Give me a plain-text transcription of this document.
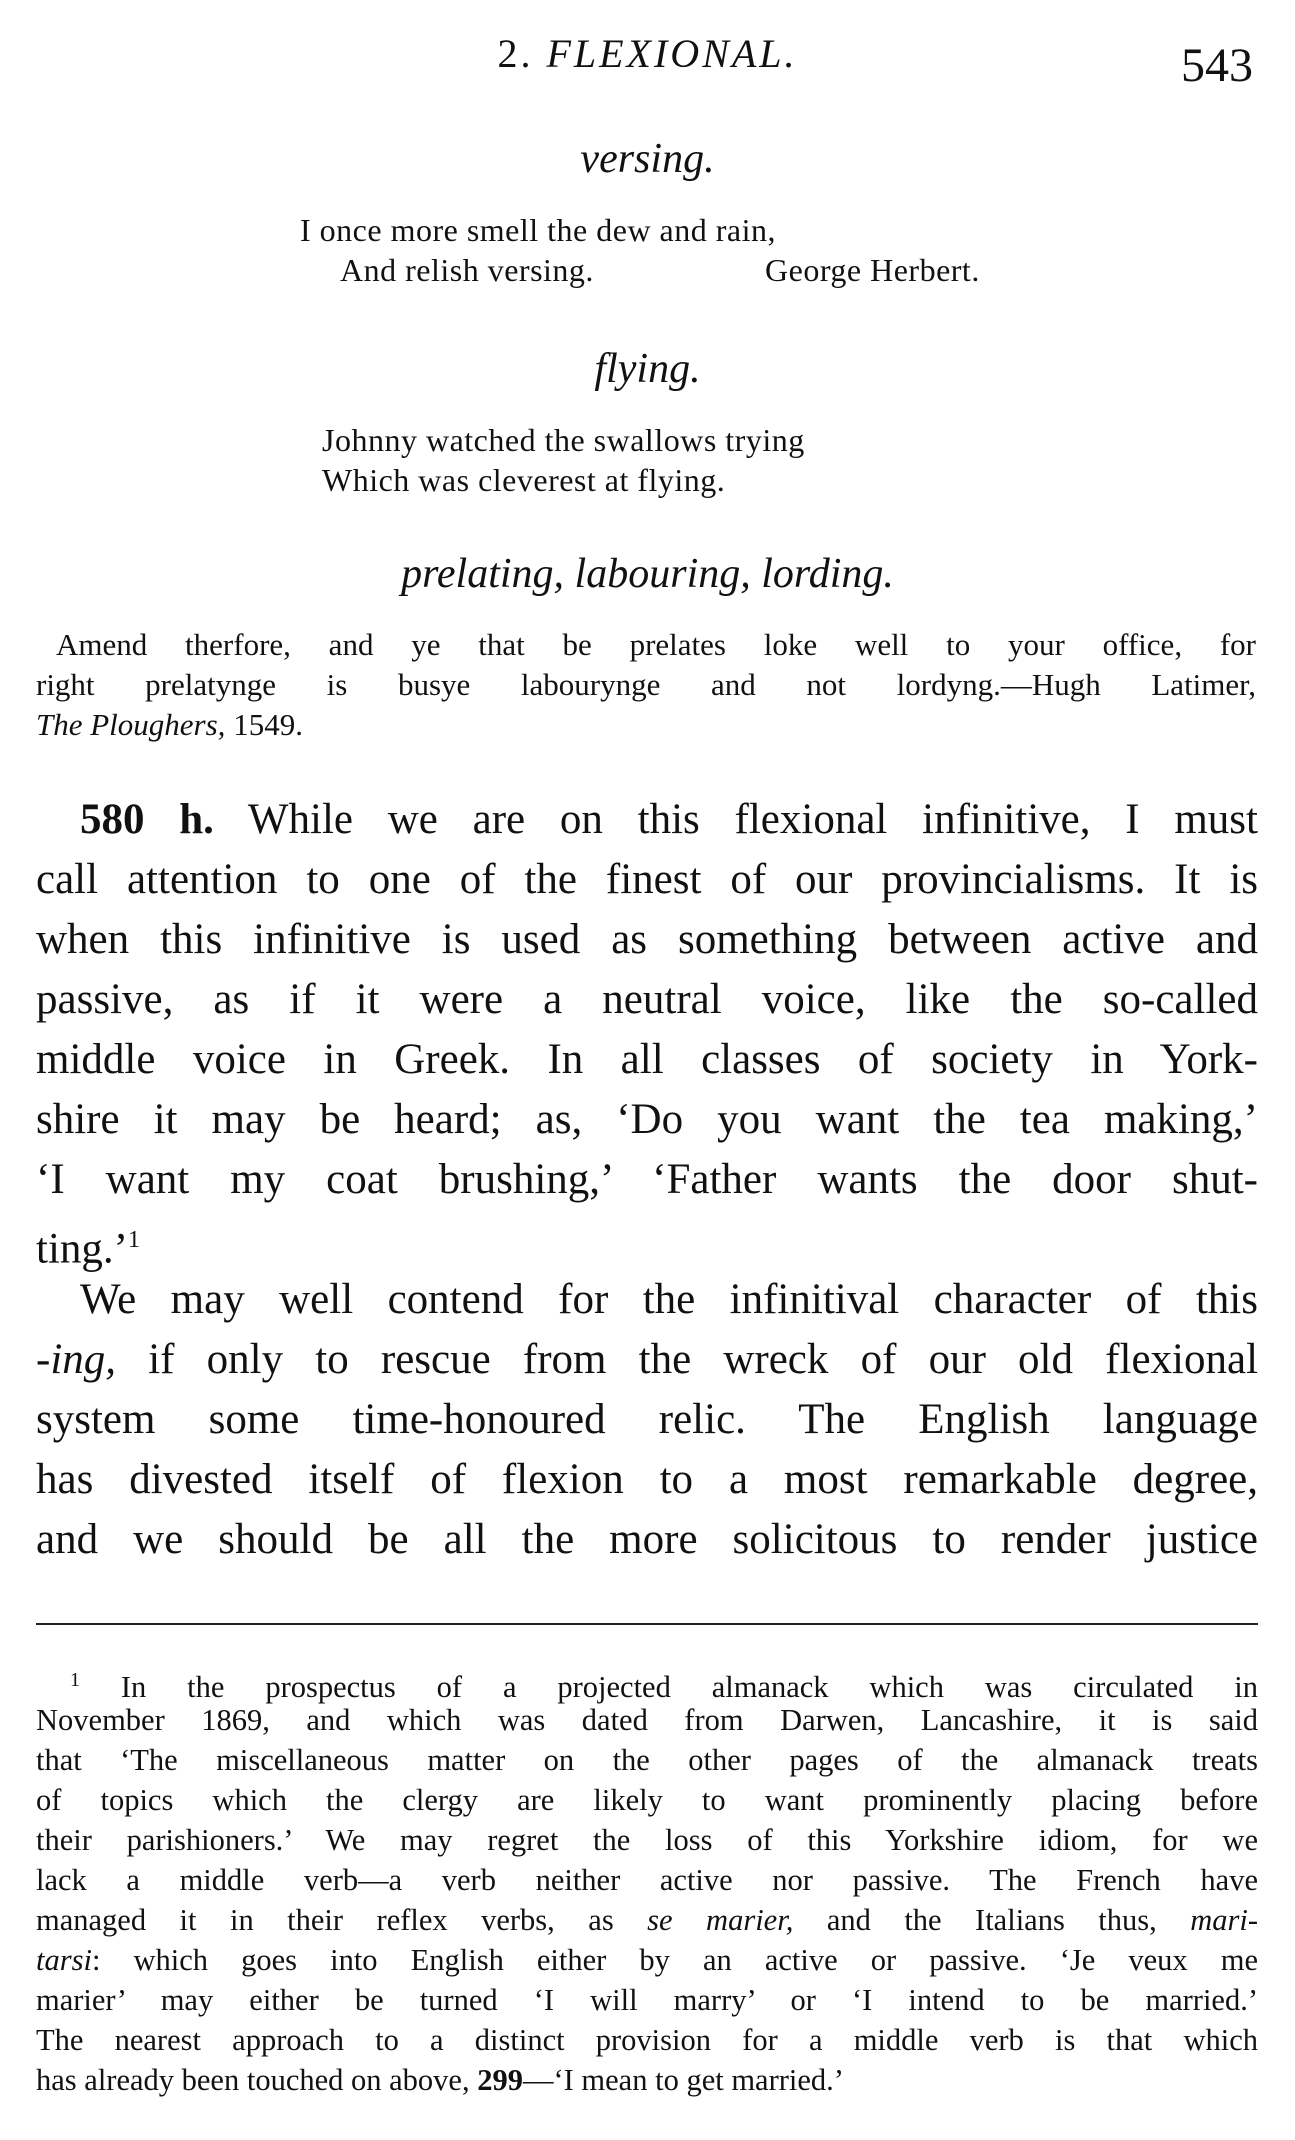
2. FLEXIONAL.	543
versing.
I once more smell the dew and rain,
And relish versing.	George Herbert.
flying.
Johnny watched the swallows trying
Which was cleverest at flying.
prelating, labouring, lording.
Amend therfore, and ye that be prelates loke well to your office, for
right prelatynge is busye labourynge and not lordyng.—Hugh Latimer,
The Ploughers, 1549.
580 h. While we are on this flexional infinitive, I must
call attention to one of the finest of our provincialisms. It is
when this infinitive is used as something between active and
passive, as if it were a neutral voice, like the so-called
middle voice in Greek. In all classes of society in York-
shire it may be heard; as, ‘Do you want the tea making,’
‘I want my coat brushing,’ ‘Father wants the door shut-
ting.’$^1$
We may well contend for the infinitival character of this
-ing, if only to rescue from the wreck of our old flexional
system some time-honoured relic. The English language
has divested itself of flexion to a most remarkable degree,
and we should be all the more solicitous to render justice
$^1$ In the prospectus of a projected almanack which was circulated in
November 1869, and which was dated from Darwen, Lancashire, it is said
that ‘The miscellaneous matter on the other pages of the almanack treats
of topics which the clergy are likely to want prominently placing before
their parishioners.’ We may regret the loss of this Yorkshire idiom, for we
lack a middle verb—a verb neither active nor passive. The French have
managed it in their reflex verbs, as se marier, and the Italians thus, mari-
tarsi: which goes into English either by an active or passive. ‘Je veux me
marier’ may either be turned ‘I will marry’ or ‘I intend to be married.’
The nearest approach to a distinct provision for a middle verb is that which
has already been touched on above, 299—‘I mean to get married.’
